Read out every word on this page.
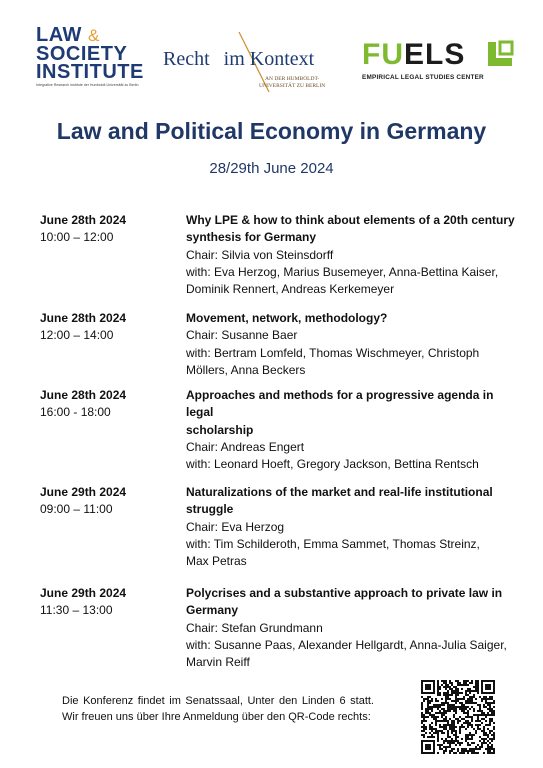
LAW &
SOCIETY
INSTITUTE
Integrative Research Institute der Humboldt-Universität zu Berlin
Recht im Kontext
AN DER HUMBOLDT-
UNIVERSITÄT ZU BERLIN
FUELS
EMPIRICAL LEGAL STUDIES CENTER
Law and Political Economy in Germany
28/29th June 2024
June 28th 2024
10:00 – 12:00
Why LPE & how to think about elements of a 20th century
synthesis for Germany
Chair: Silvia von Steinsdorff
with: Eva Herzog, Marius Busemeyer, Anna-Bettina Kaiser,
Dominik Rennert, Andreas Kerkemeyer
June 28th 2024
12:00 – 14:00
Movement, network, methodology?
Chair: Susanne Baer
with: Bertram Lomfeld, Thomas Wischmeyer, Christoph
Möllers, Anna Beckers
June 28th 2024
16:00 - 18:00
Approaches and methods for a progressive agenda in legal
scholarship
Chair: Andreas Engert
with: Leonard Hoeft, Gregory Jackson, Bettina Rentsch
June 29th 2024
09:00 – 11:00
Naturalizations of the market and real-life institutional
struggle
Chair: Eva Herzog
with: Tim Schilderoth, Emma Sammet, Thomas Streinz,
Max Petras
June 29th 2024
11:30 – 13:00
Polycrises and a substantive approach to private law in
Germany
Chair: Stefan Grundmann
with: Susanne Paas, Alexander Hellgardt, Anna-Julia Saiger,
Marvin Reiff
Die Konferenz findet im Senatssaal, Unter den Linden 6 statt. Wir freuen uns über Ihre Anmeldung über den QR-Code rechts:
